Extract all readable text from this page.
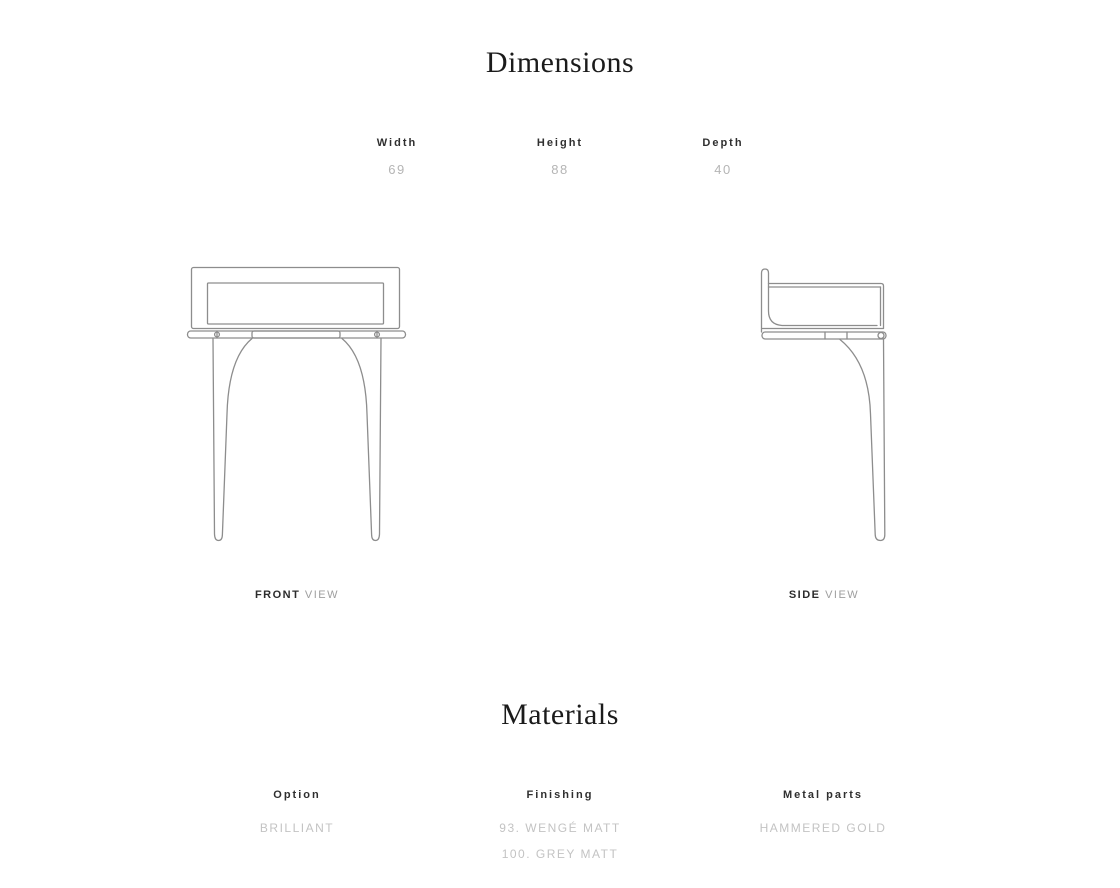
Dimensions
Width
69
Height
88
Depth
40
FRONT VIEW	SIDE VIEW
Materials
Option
BRILLIANT
Finishing
93. WENGÉ MATT
100. GREY MATT
Metal parts
HAMMERED GOLD
